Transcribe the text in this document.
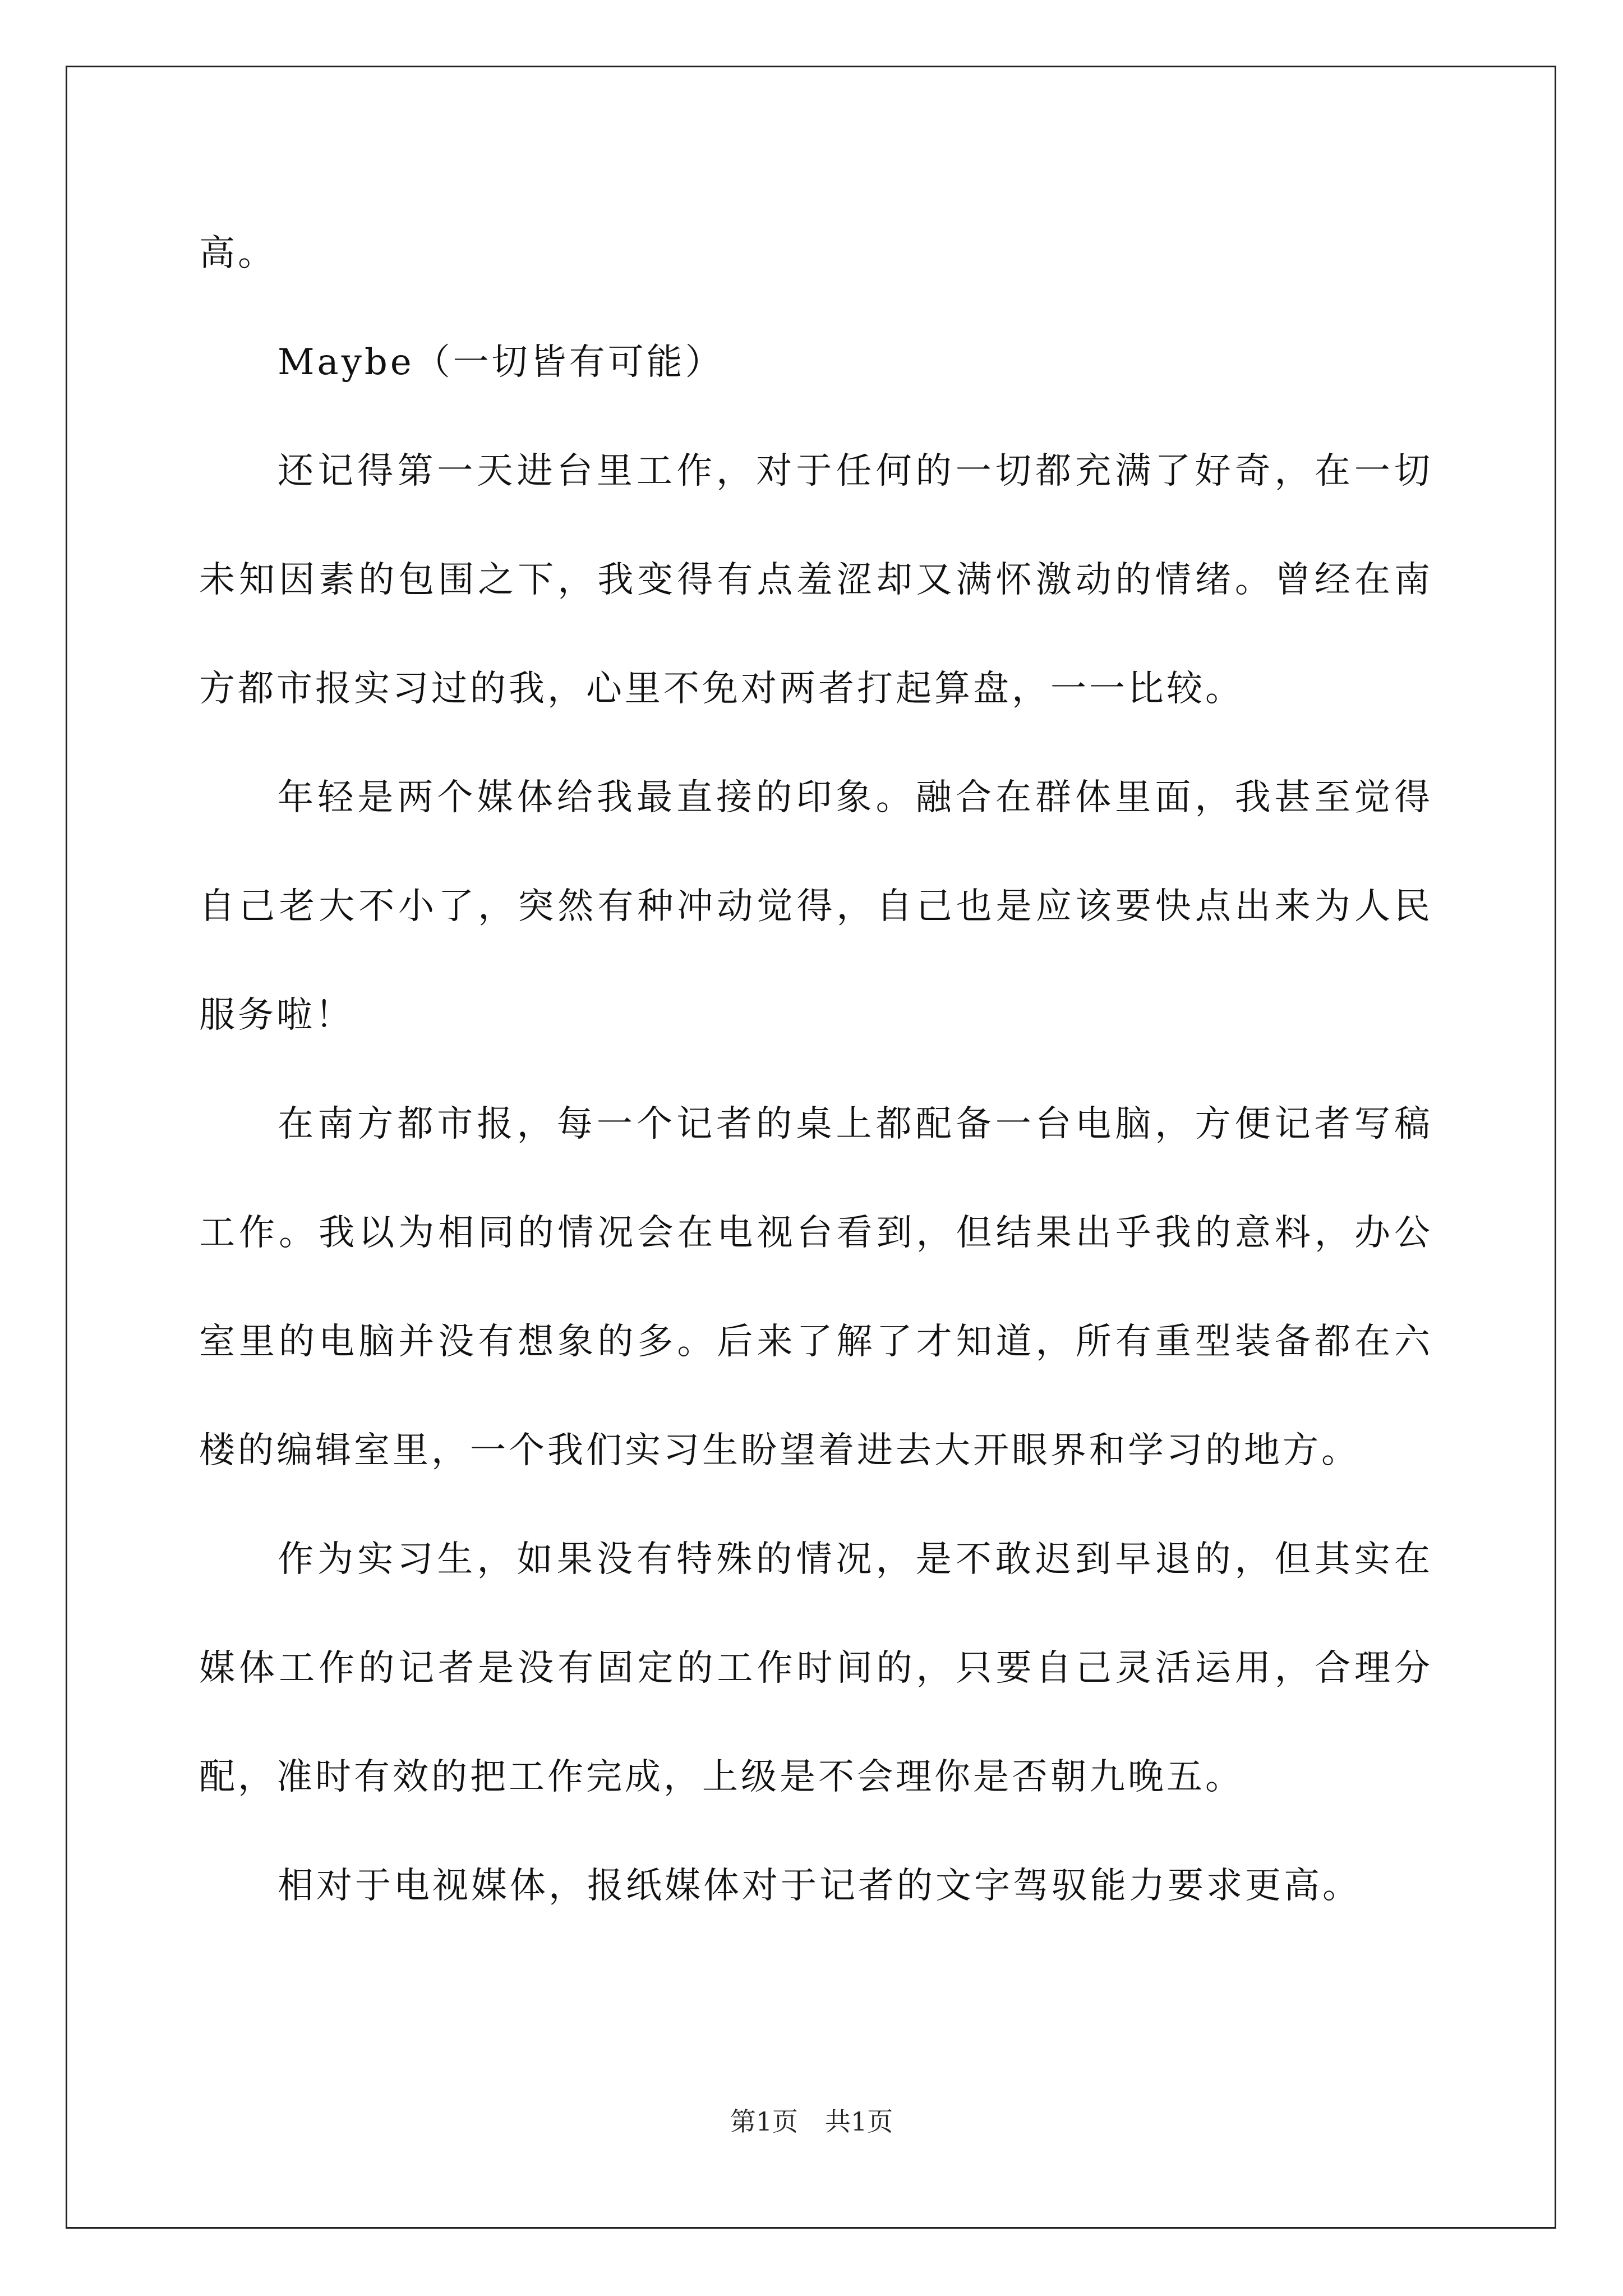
高。

Maybe（一切皆有可能）

还记得第一天进台里工作，对于任何的一切都充满了好奇，在一切未知因素的包围之下，我变得有点羞涩却又满怀激动的情绪。曾经在南方都市报实习过的我，心里不免对两者打起算盘，一一比较。

年轻是两个媒体给我最直接的印象。融合在群体里面，我甚至觉得自己老大不小了，突然有种冲动觉得，自己也是应该要快点出来为人民服务啦！

在南方都市报，每一个记者的桌上都配备一台电脑，方便记者写稿工作。我以为相同的情况会在电视台看到，但结果出乎我的意料，办公室里的电脑并没有想象的多。后来了解了才知道，所有重型装备都在六楼的编辑室里，一个我们实习生盼望着进去大开眼界和学习的地方。

作为实习生，如果没有特殊的情况，是不敢迟到早退的，但其实在媒体工作的记者是没有固定的工作时间的，只要自己灵活运用，合理分配，准时有效的把工作完成，上级是不会理你是否朝九晚五。

相对于电视媒体，报纸媒体对于记者的文字驾驭能力要求更高。

第1页 共1页
